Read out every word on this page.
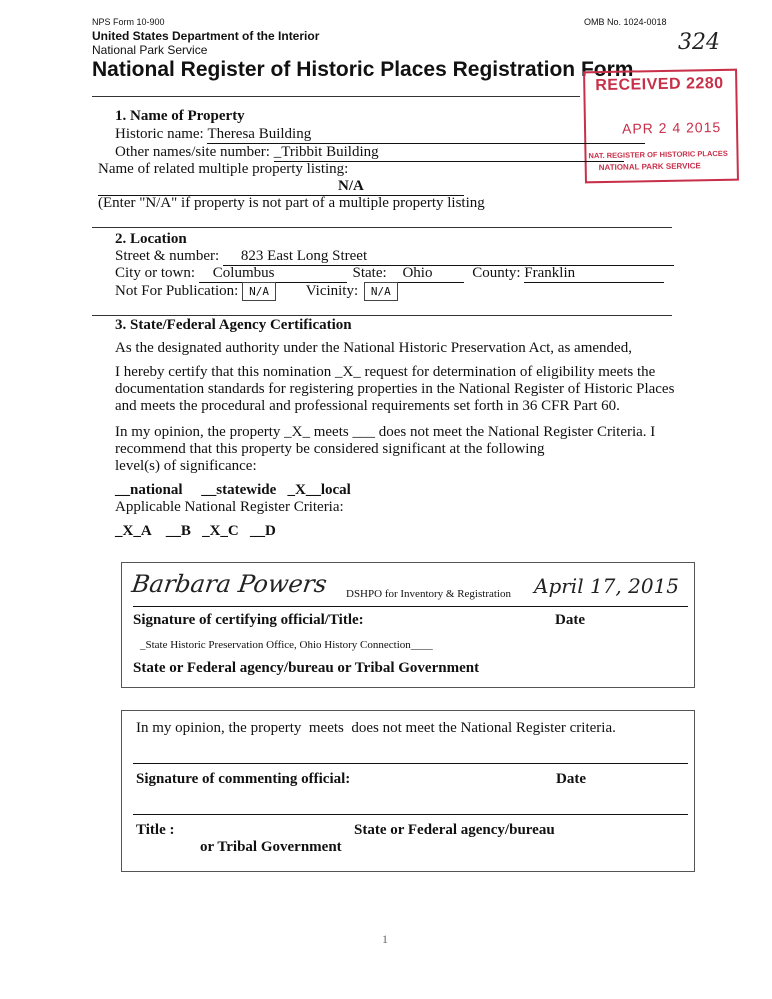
NPS Form 10-900	OMB No. 1024-0018
United States Department of the Interior
National Park Service	324
National Register of Historic Places Registration Form
RECEIVED 2280
APR 2 4 2015
NAT. REGISTER OF HISTORIC PLACES
NATIONAL PARK SERVICE
1. Name of Property
Historic name: Theresa Building
Other names/site number: _Tribbit Building
Name of related multiple property listing:
N/A
(Enter "N/A" if property is not part of a multiple property listing
2. Location
Street & number: 823 East Long Street
City or town: Columbus	State: Ohio	County: Franklin
Not For Publication: N/A Vicinity: N/A
3. State/Federal Agency Certification
As the designated authority under the National Historic Preservation Act, as amended,
I hereby certify that this nomination _X_ request for determination of eligibility meets the
documentation standards for registering properties in the National Register of Historic Places
and meets the procedural and professional requirements set forth in 36 CFR Part 60.
In my opinion, the property _X_ meets ___ does not meet the National Register Criteria. I
recommend that this property be considered significant at the following
level(s) of significance:
__national     __statewide   _X__local
Applicable National Register Criteria:
_X_A    __B   _X_C   __D
Barbara Powers DSHPO for Inventory & Registration April 17, 2015
Signature of certifying official/Title:	Date
_State Historic Preservation Office, Ohio History Connection____
State or Federal agency/bureau or Tribal Government
In my opinion, the property  meets  does not meet the National Register criteria.
Signature of commenting official:	Date
Title :	State or Federal agency/bureau
or Tribal Government
1
